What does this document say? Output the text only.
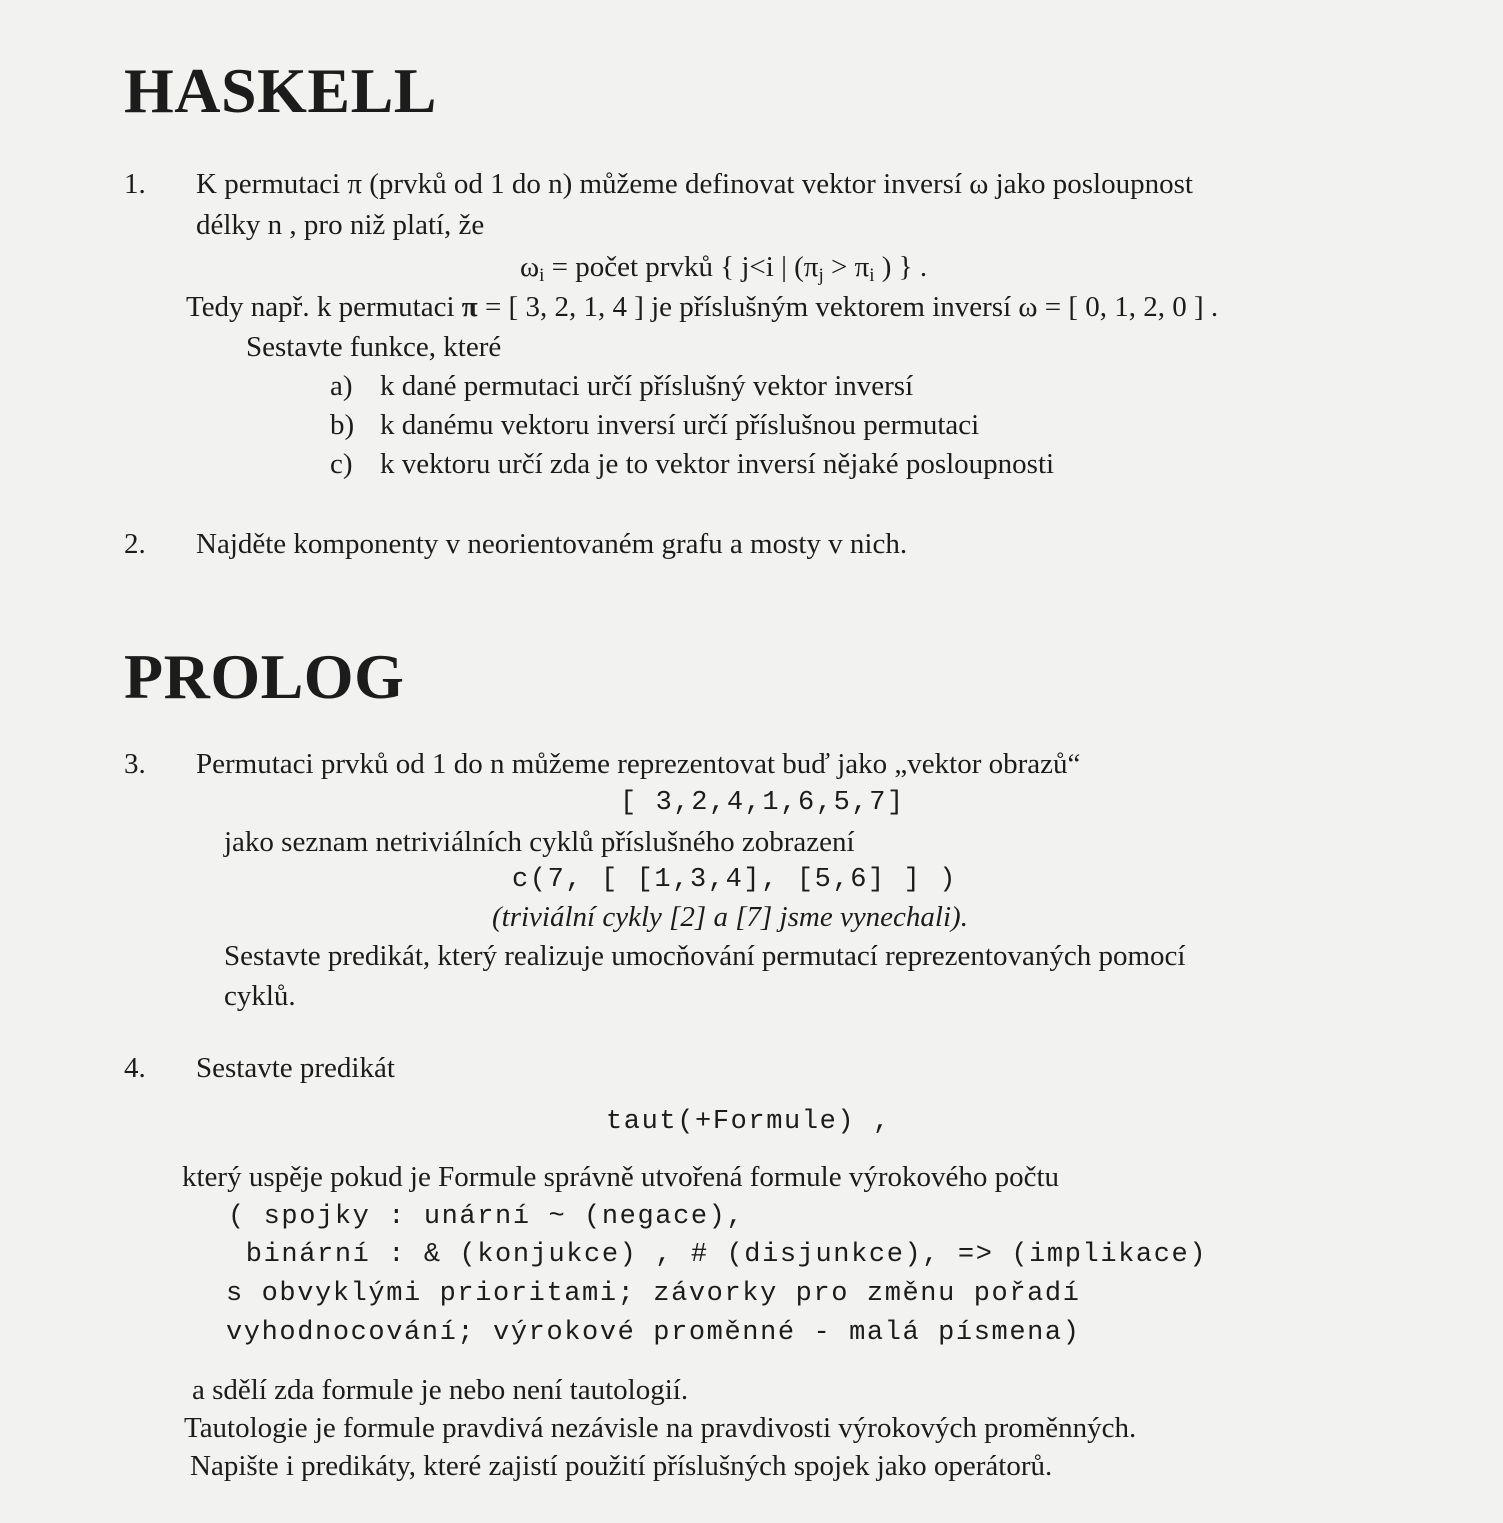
HASKELL
1. K permutaci π (prvků od 1 do n) můžeme definovat vektor inversí ω jako posloupnost
délky n , pro niž platí, že
$\omega_i$ = počet prvků { j<i | ($\pi_j > \pi_i$ ) } .
Tedy např. k permutaci π = [ 3, 2, 1, 4 ] je příslušným vektorem inversí ω = [ 0, 1, 2, 0 ] .
Sestavte funkce, které
a) k dané permutaci určí příslušný vektor inversí
b) k danému vektoru inversí určí příslušnou permutaci
c) k vektoru určí zda je to vektor inversí nějaké posloupnosti
2. Najděte komponenty v neorientovaném grafu a mosty v nich.
PROLOG
3. Permutaci prvků od 1 do n můžeme reprezentovat buď jako „vektor obrazů“
[ 3,2,4,1,6,5,7]
jako seznam netriviálních cyklů příslušného zobrazení
c(7, [ [1,3,4], [5,6] ] )
(triviální cykly [2] a [7] jsme vynechali).
Sestavte predikát, který realizuje umocňování permutací reprezentovaných pomocí
cyklů.
4. Sestavte predikát
taut(+Formule) ,
který uspěje pokud je Formule správně utvořená formule výrokového počtu
( spojky : unární ~ (negace),
binární : & (konjukce) , # (disjunkce), => (implikace)
s obvyklými prioritami; závorky pro změnu pořadí
vyhodnocování; výrokové proměnné - malá písmena)
a sdělí zda formule je nebo není tautologií.
Tautologie je formule pravdivá nezávisle na pravdivosti výrokových proměnných.
Napište i predikáty, které zajistí použití příslušných spojek jako operátorů.
